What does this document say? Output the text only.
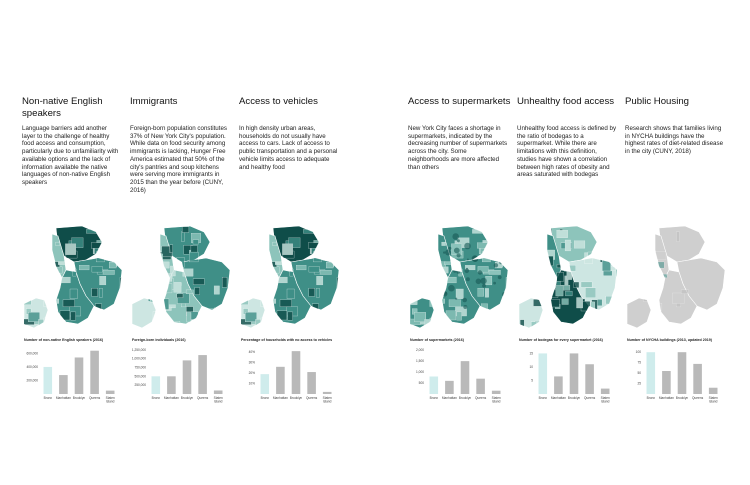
Non-native English speakers
Language barriers add another layer to the challenge of healthy food access and consumption, particularly due to unfamiliarity with available options and the lack of information available the native languages of non-native English speakers
Number of non-native English speakers (2016)
600,000
400,000
200,000
Bronx Manhattan Brooklyn Queens Staten
Island
Immigrants
Foreign-born population constitutes 37% of New York City's population. While data on food security among immigrants is lacking, Hunger Free America estimated that 50% of the city's pantries and soup kitchens were serving more immigrants in 2015 than the year before (CUNY, 2016)
Foreign-born individuals (2016)
1,250,000
1,000,000
750,000
500,000
250,000
Bronx Manhattan Brooklyn Queens Staten
Island
Access to vehicles
In high density urban areas, households do not usually have access to cars. Lack of access to public transportation and a personal vehicle limits access to adequate and healthy food
Percentage of households with no access to vehicles
40%
30%
20%
10%
Bronx Manhattan Brooklyn Queens Staten
Island
Access to supermarkets
New York City faces a shortage in supermarkets, indicated by the decreasing number of supermarkets across the city. Some neighborhoods are more affected than others
Number of supermarkets (2016)
2,000
1,500
1,000
500
Bronx Manhattan Brooklyn Queens Staten
Island
Unhealthy food access
Unhealthy food access is defined by the ratio of bodegas to a supermarket. While there are limitations with this definition, studies have shown a correlation between high rates of obesity and areas saturated with bodegas
Number of bodegas for every supermarket (2016)
15
10
5
Bronx Manhattan Brooklyn Queens Staten
Island
Public Housing
Research shows that families living in NYCHA buildings have the highest rates of diet-related disease in the city (CUNY, 2018)
Number of NYCHA buildings (2013, updated 2019)
100
75
50
25
Bronx Manhattan Brooklyn Queens Staten
Island
